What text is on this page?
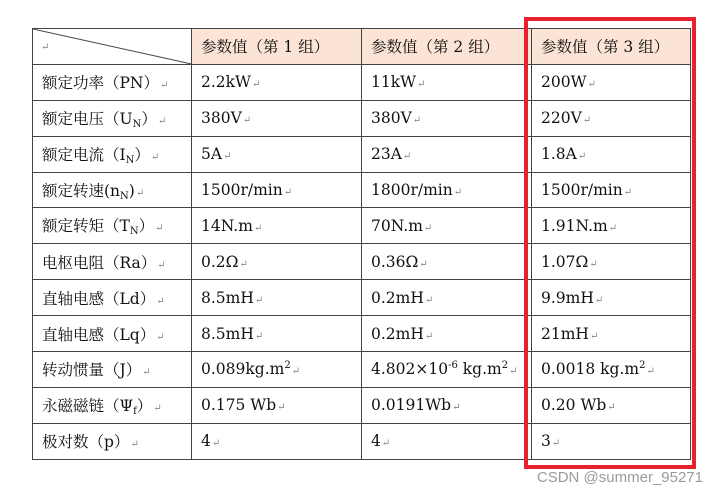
↵	参数值（第 1 组）	参数值（第 2 组）	参数值（第 3 组）
额定功率（PN）↵	2.2kW↵	11kW↵	200W↵
额定电压$(U_N)↵$	380V↵	380V↵	220V↵
额定电流$(I_N)↵$	5A↵	23A↵	1.8A↵
额定转速$(n_N)↵$	1500r/min↵	1800r/min↵	1500r/min↵
额定转矩$(T_N)↵$	14N.m↵	70N.m↵	1.91N.m↵
电枢电阻（Ra）↵	0.2Ω↵	0.36Ω↵	1.07Ω↵
直轴电感（Ld）↵	8.5mH↵	0.2mH↵	9.9mH↵
直轴电感（Lq）↵	8.5mH↵	0.2mH↵	21mH↵
转动惯量（J）↵	$0.089kg.m^2↵$	$4.802\times 10^{-6}$ $kg.m^2↵$	0.0018 $kg.m^2↵$
永磁磁链$(\Psi_f)↵$	0.175 Wb↵	0.0191Wb↵	0.20 Wb↵
极对数（p）↵	4↵	4↵	3↵
CSDN @summer_95271
